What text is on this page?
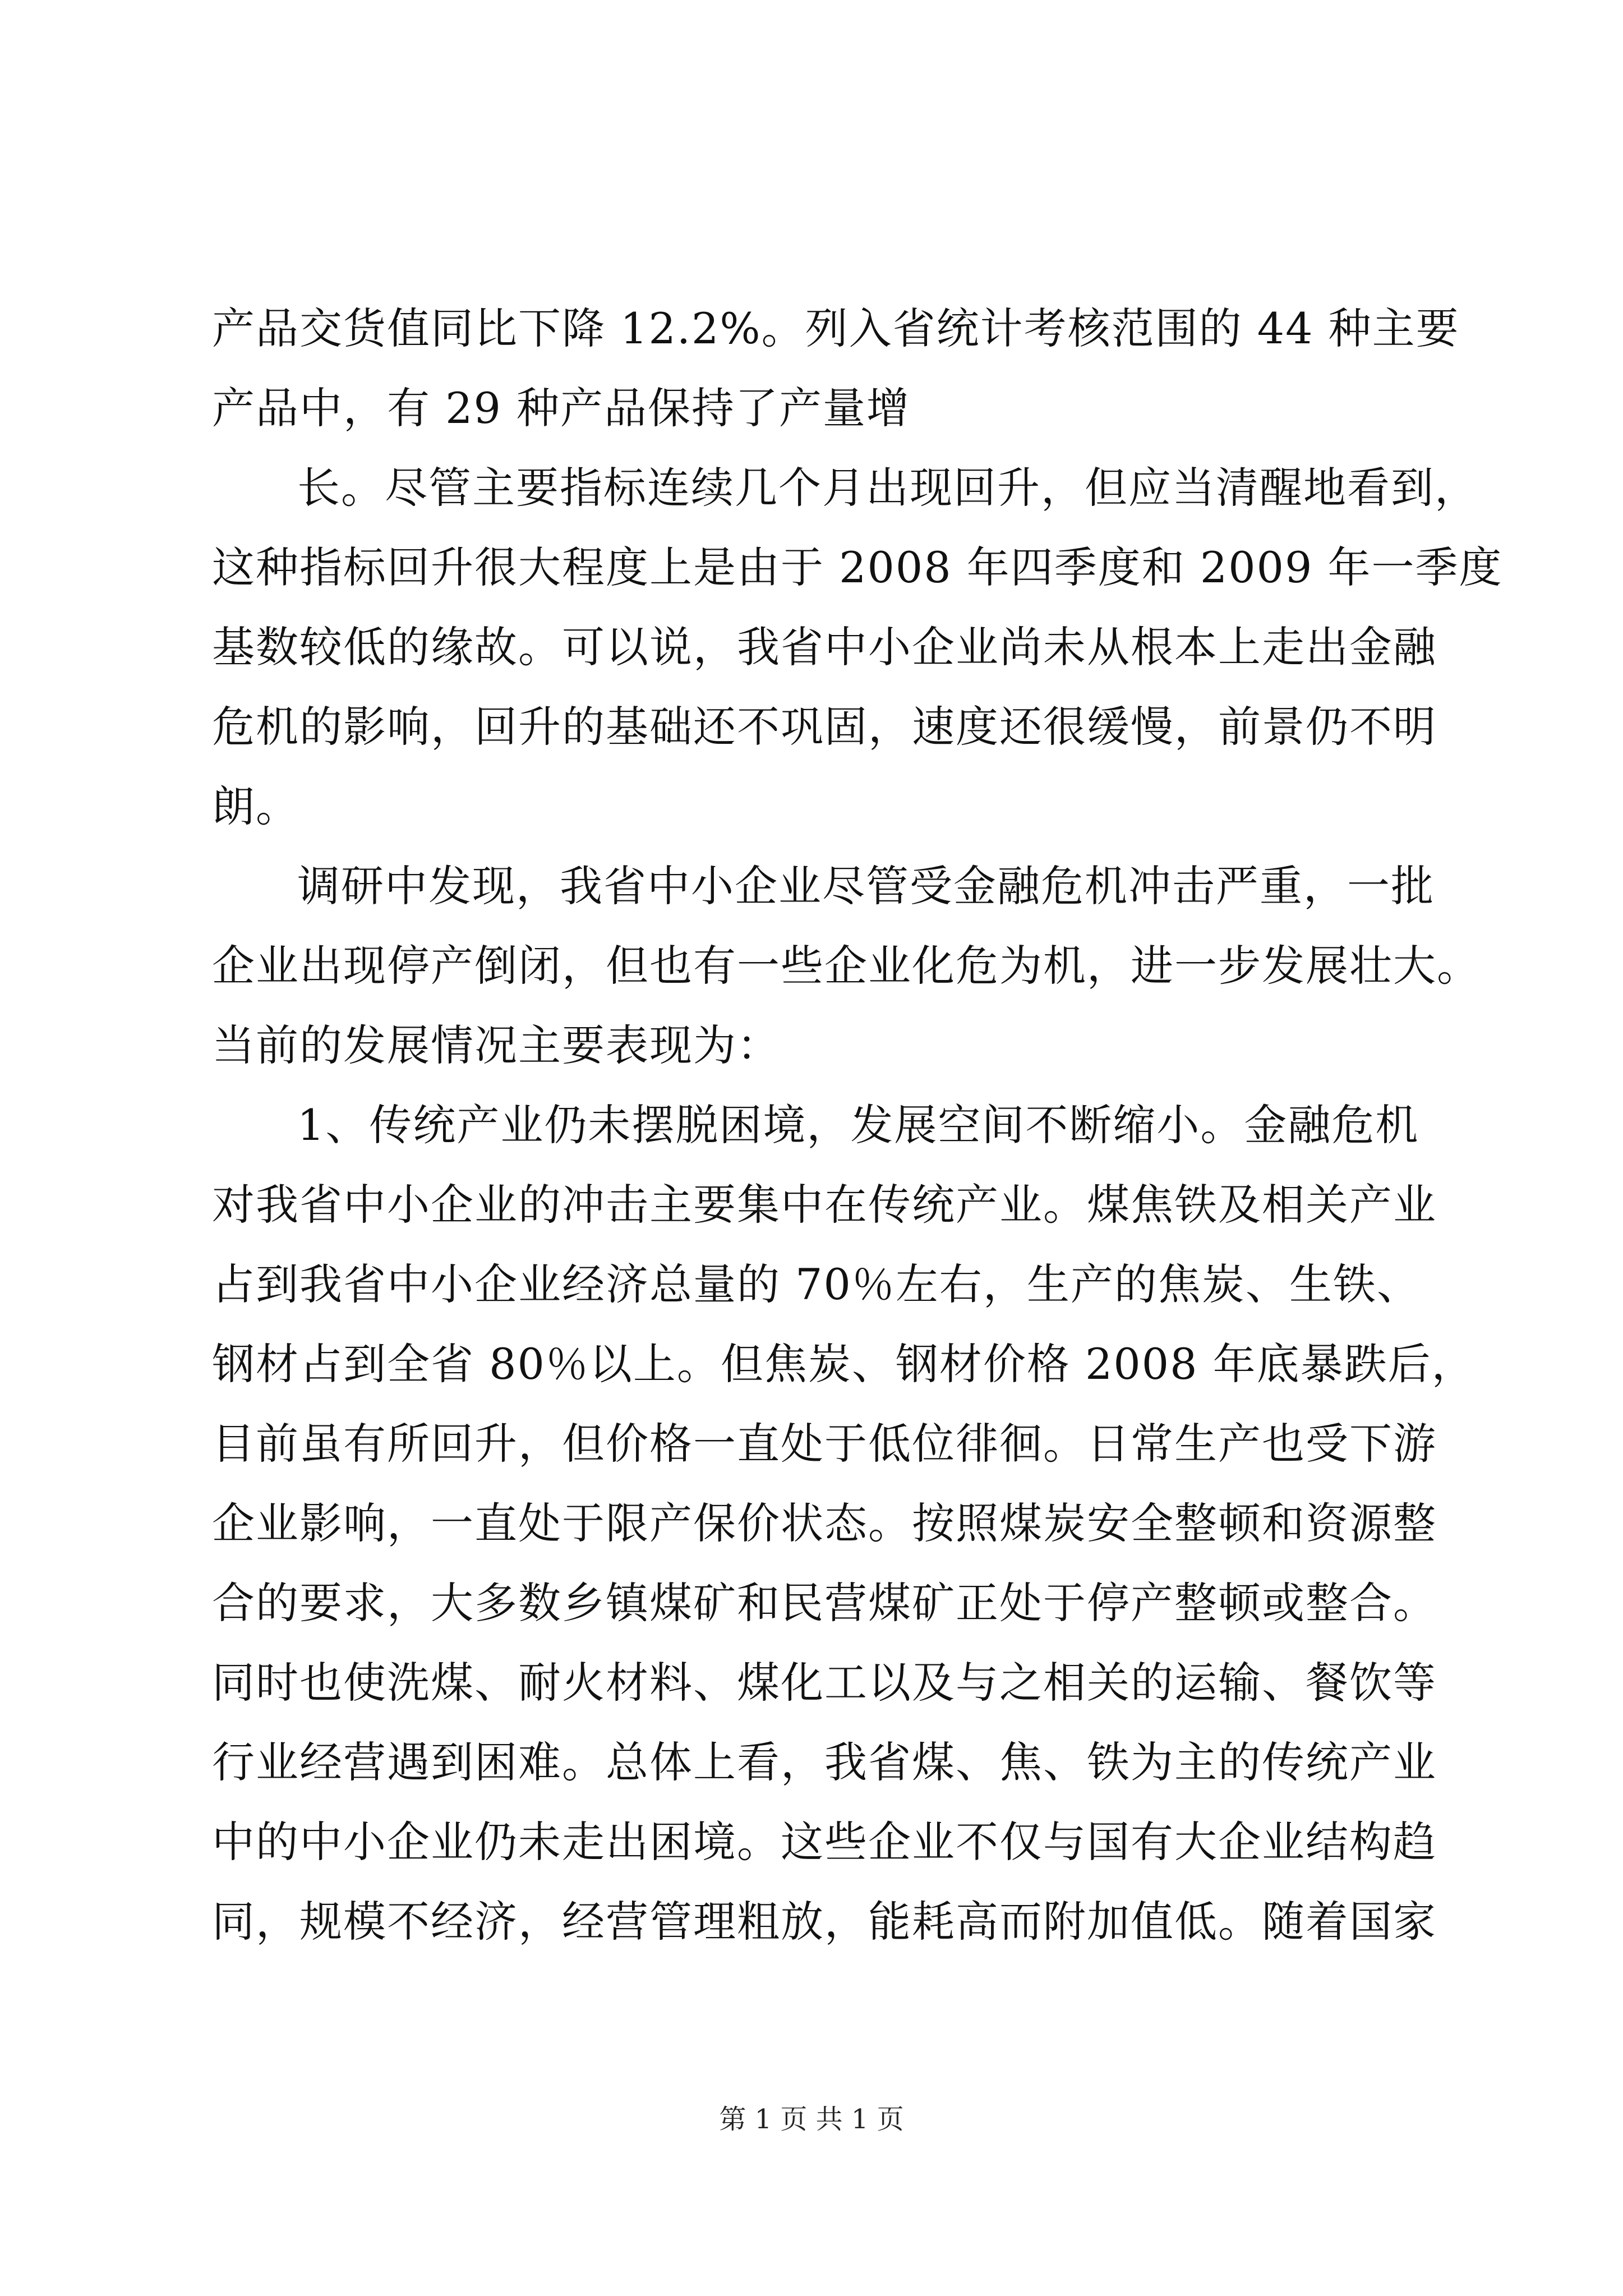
产品交货值同比下降 12.2%。列入省统计考核范围的 44 种主要
产品中，有 29 种产品保持了产量增
长。尽管主要指标连续几个月出现回升，但应当清醒地看到，
这种指标回升很大程度上是由于 2008 年四季度和 2009 年一季度
基数较低的缘故。可以说，我省中小企业尚未从根本上走出金融
危机的影响，回升的基础还不巩固，速度还很缓慢，前景仍不明
朗。
调研中发现，我省中小企业尽管受金融危机冲击严重，一批
企业出现停产倒闭，但也有一些企业化危为机，进一步发展壮大。
当前的发展情况主要表现为：
1、传统产业仍未摆脱困境，发展空间不断缩小。金融危机
对我省中小企业的冲击主要集中在传统产业。煤焦铁及相关产业
占到我省中小企业经济总量的 70％左右，生产的焦炭、生铁、
钢材占到全省 80％以上。但焦炭、钢材价格 2008 年底暴跌后，
目前虽有所回升，但价格一直处于低位徘徊。日常生产也受下游
企业影响，一直处于限产保价状态。按照煤炭安全整顿和资源整
合的要求，大多数乡镇煤矿和民营煤矿正处于停产整顿或整合。
同时也使洗煤、耐火材料、煤化工以及与之相关的运输、餐饮等
行业经营遇到困难。总体上看，我省煤、焦、铁为主的传统产业
中的中小企业仍未走出困境。这些企业不仅与国有大企业结构趋
同，规模不经济，经营管理粗放，能耗高而附加值低。随着国家
第 1 页 共 1 页
